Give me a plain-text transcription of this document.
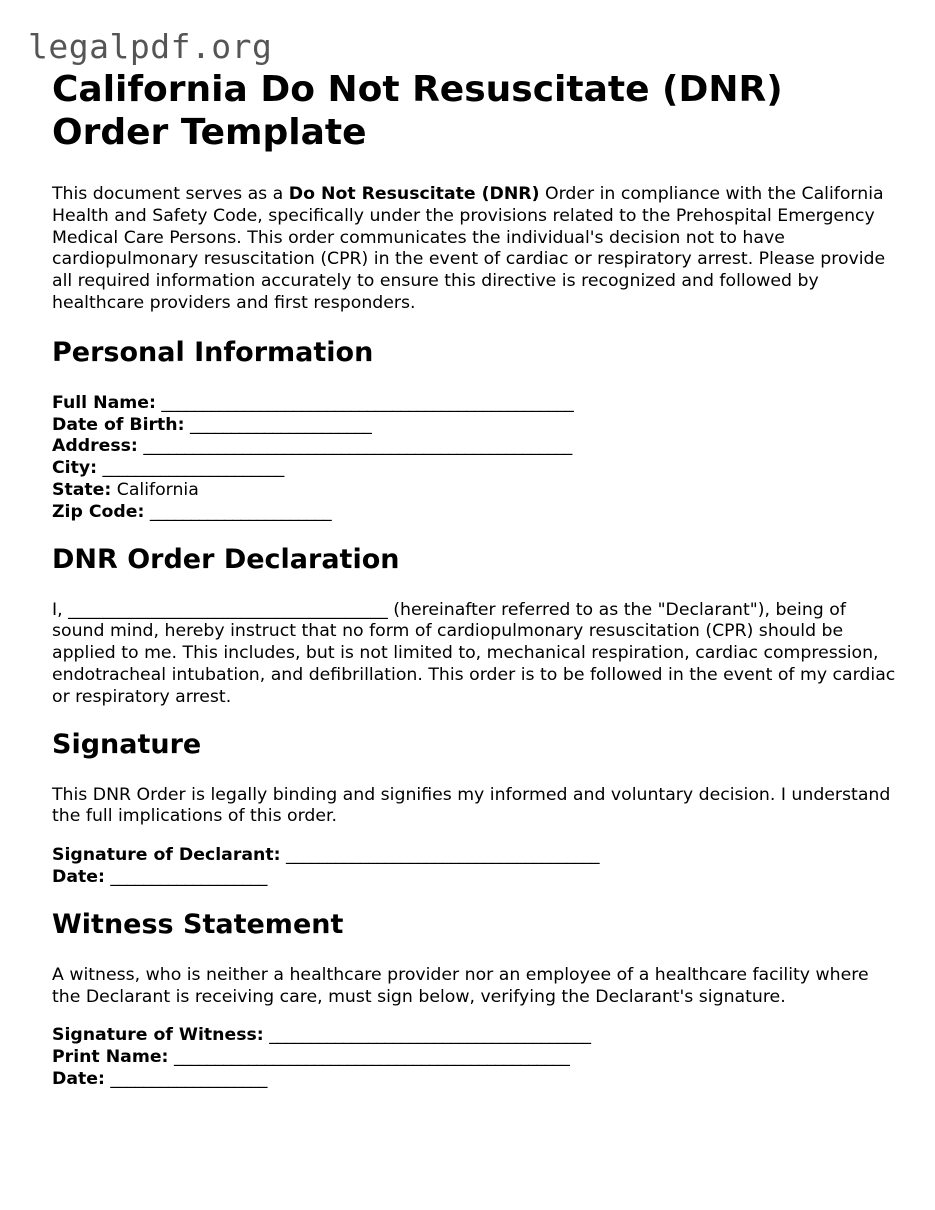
legalpdf.org
California Do Not Resuscitate (DNR) Order Template

This document serves as a Do Not Resuscitate (DNR) Order in compliance with the California Health and Safety Code, specifically under the provisions related to the Prehospital Emergency Medical Care Persons. This order communicates the individual's decision not to have cardiopulmonary resuscitation (CPR) in the event of cardiac or respiratory arrest. Please provide all required information accurately to ensure this directive is recognized and followed by healthcare providers and first responders.

Personal Information
Full Name: __________________________________________________
Date of Birth: ______________________
Address: ____________________________________________________
City: ______________________
State: California
Zip Code: ______________________
DNR Order Declaration

I, _____________________________________ (hereinafter referred to as the "Declarant"), being of sound mind, hereby instruct that no form of cardiopulmonary resuscitation (CPR) should be applied to me. This includes, but is not limited to, mechanical respiration, cardiac compression, endotracheal intubation, and defibrillation. This order is to be followed in the event of my cardiac or respiratory arrest.

Signature

This DNR Order is legally binding and signifies my informed and voluntary decision. I understand the full implications of this order.

Signature of Declarant: ______________________________________
Date: ___________________
Witness Statement

A witness, who is neither a healthcare provider nor an employee of a healthcare facility where the Declarant is receiving care, must sign below, verifying the Declarant's signature.

Signature of Witness: _______________________________________
Print Name: ________________________________________________
Date: ___________________
